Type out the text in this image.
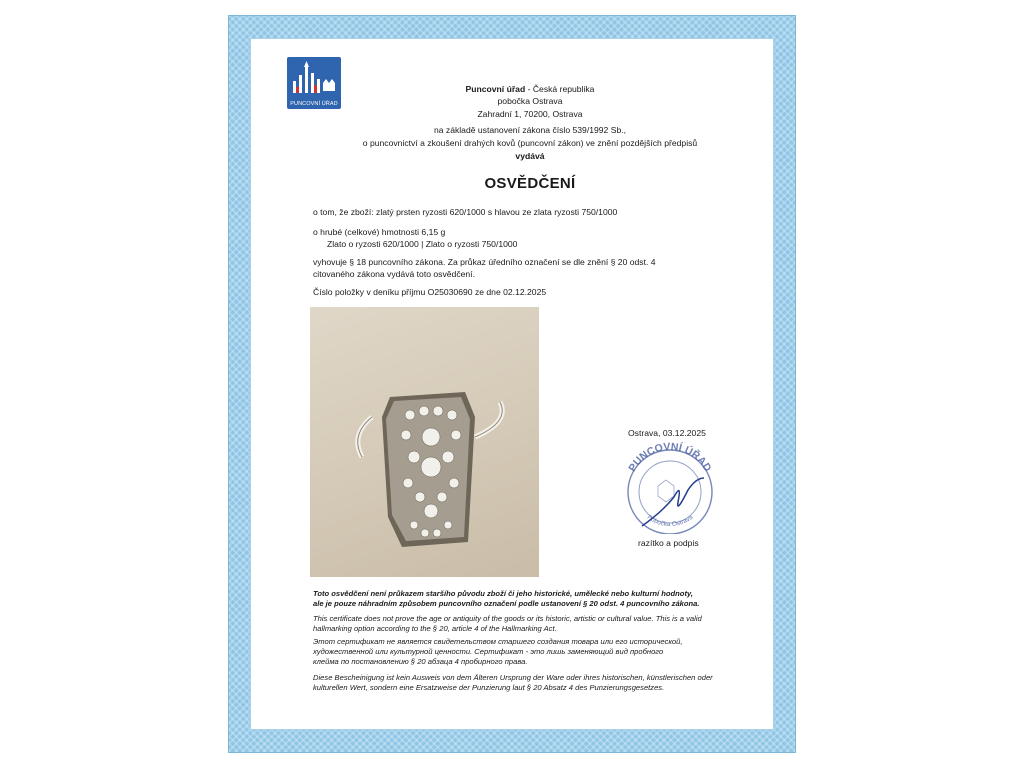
PUNCOVNÍ ÚŘAD
Puncovní úřad - Česká republika
pobočka Ostrava
Zahradní 1, 70200, Ostrava
na základě ustanovení zákona číslo 539/1992 Sb.,
o puncovnictví a zkoušení drahých kovů (puncovní zákon) ve znění pozdějších předpisů
vydává
OSVĚDČENÍ
o tom, že zboží: zlatý prsten ryzosti 620/1000 s hlavou ze zlata ryzosti 750/1000
o hrubé (celkové) hmotnosti 6,15 g
Zlato o ryzosti 620/1000 | Zlato o ryzosti 750/1000
vyhovuje § 18 puncovního zákona. Za průkaz úředního označení se dle znění § 20 odst. 4
citovaného zákona vydává toto osvědčení.
Číslo položky v deníku příjmu O25030690 ze dne 02.12.2025
Ostrava, 03.12.2025
PUNCOVNÍ ÚŘAD
Pobočka Ostrava
razítko a podpis
Toto osvědčení není průkazem staršího původu zboží či jeho historické, umělecké nebo kulturní hodnoty,
ale je pouze náhradním způsobem puncovního označení podle ustanovení § 20 odst. 4 puncovního zákona.
This certificate does not prove the age or antiquity of the goods or its historic, artistic or cultural value. This is a valid
hallmarking option according to the § 20, article 4 of the Hallmarking Act.
Этот сертификат не является свидетельством старшего создания товара или его исторической,
художественной или культурной ценности. Сертификат - это лишь заменяющий вид пробного
клейма по постановлению § 20 абзаца 4 пробирного права.
Diese Bescheinigung ist kein Ausweis von dem Älteren Ursprung der Ware oder ihres historischen, künstlerischen oder
kulturellen Wert, sondern eine Ersatzweise der Punzierung laut § 20 Absatz 4 des Punzierungsgesetzes.
